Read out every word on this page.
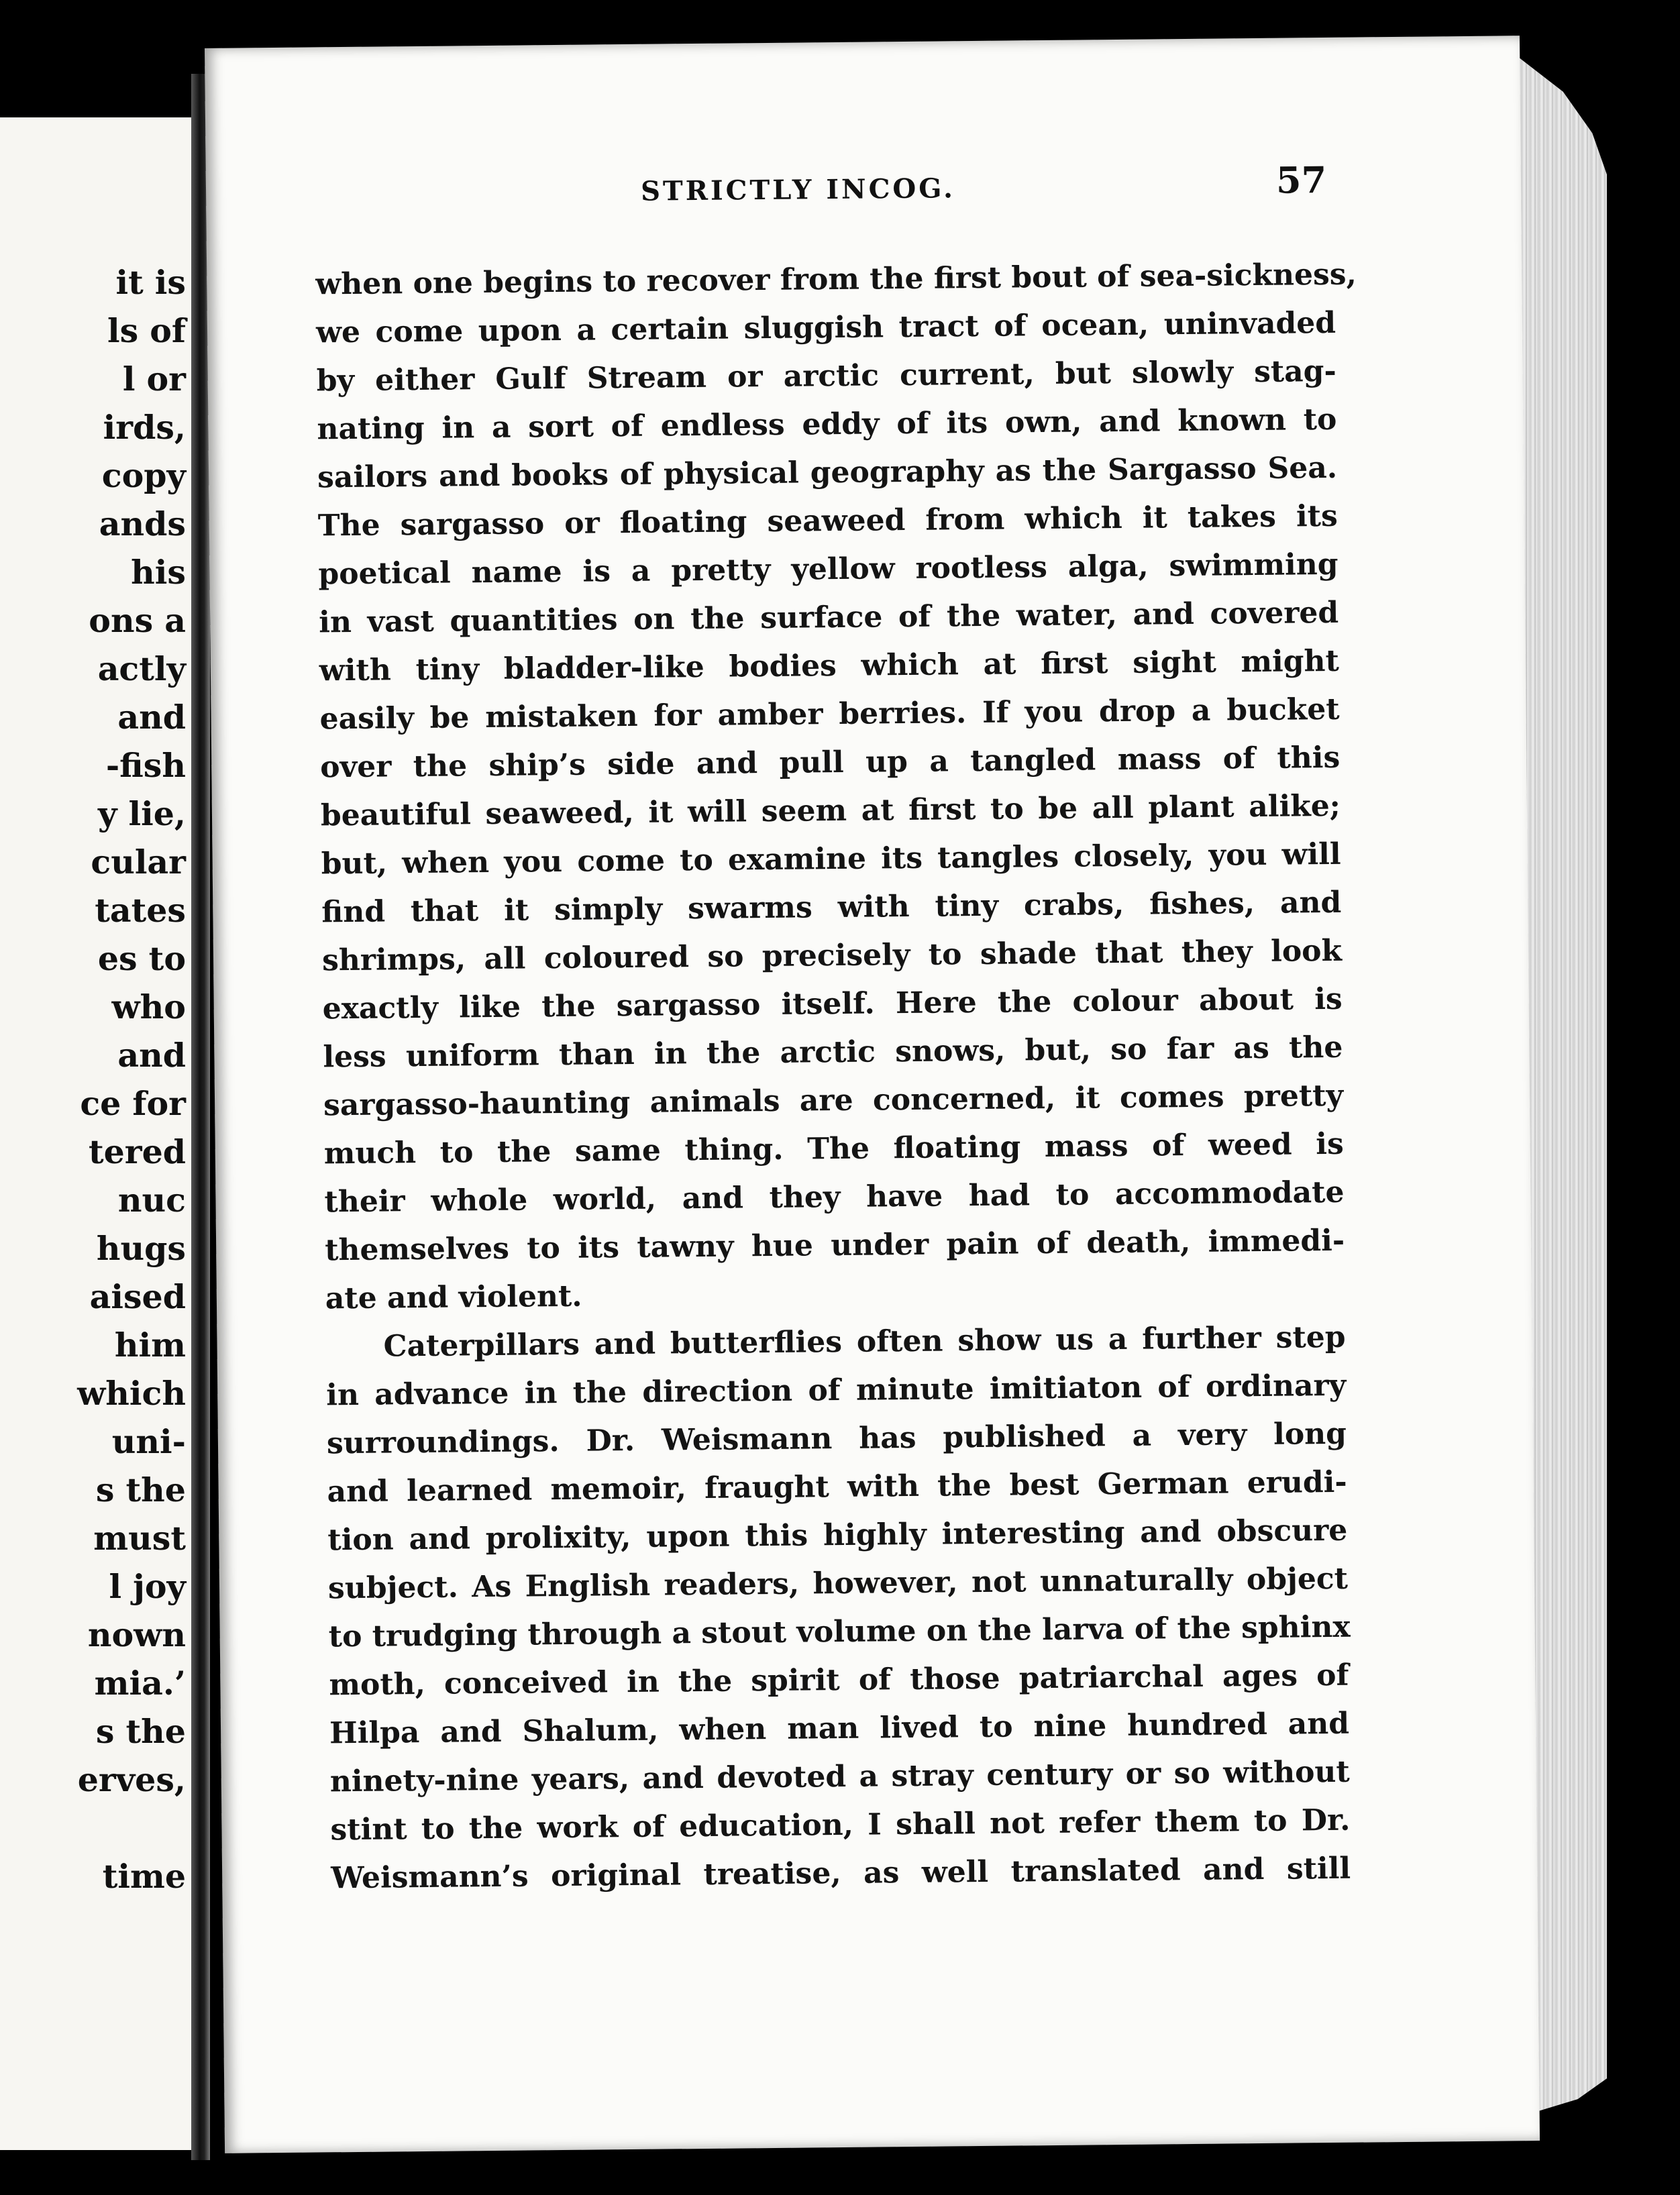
it is

ls of

l or

irds,

copy

ands

his

ons a

actly

and

-fish

y lie,

cular

tates

es to

who

and

ce for

tered

nuc

hugs

aised

him

which

uni-

s the

must

l joy

nown

mia.’

s the

erves,

time

STRICTLY INCOG.	57

when one begins to recover from the first bout of sea-sickness,
we come upon a certain sluggish tract of ocean, uninvaded
by either Gulf Stream or arctic current, but slowly stag-
nating in a sort of endless eddy of its own, and known to
sailors and books of physical geography as the Sargasso Sea.
The sargasso or floating seaweed from which it takes its
poetical name is a pretty yellow rootless alga, swimming
in vast quantities on the surface of the water, and covered
with tiny bladder-like bodies which at first sight might
easily be mistaken for amber berries. If you drop a bucket
over the ship’s side and pull up a tangled mass of this
beautiful seaweed, it will seem at first to be all plant alike;
but, when you come to examine its tangles closely, you will
find that it simply swarms with tiny crabs, fishes, and
shrimps, all coloured so precisely to shade that they look
exactly like the sargasso itself. Here the colour about is
less uniform than in the arctic snows, but, so far as the
sargasso-haunting animals are concerned, it comes pretty
much to the same thing. The floating mass of weed is
their whole world, and they have had to accommodate
themselves to its tawny hue under pain of death, immedi-
ate and violent.
Caterpillars and butterflies often show us a further step
in advance in the direction of minute imitiaton of ordinary
surroundings. Dr. Weismann has published a very long
and learned memoir, fraught with the best German erudi-
tion and prolixity, upon this highly interesting and obscure
subject. As English readers, however, not unnaturally object
to trudging through a stout volume on the larva of the sphinx
moth, conceived in the spirit of those patriarchal ages of
Hilpa and Shalum, when man lived to nine hundred and
ninety-nine years, and devoted a stray century or so without
stint to the work of education, I shall not refer them to Dr.
Weismann’s original treatise, as well translated and still
